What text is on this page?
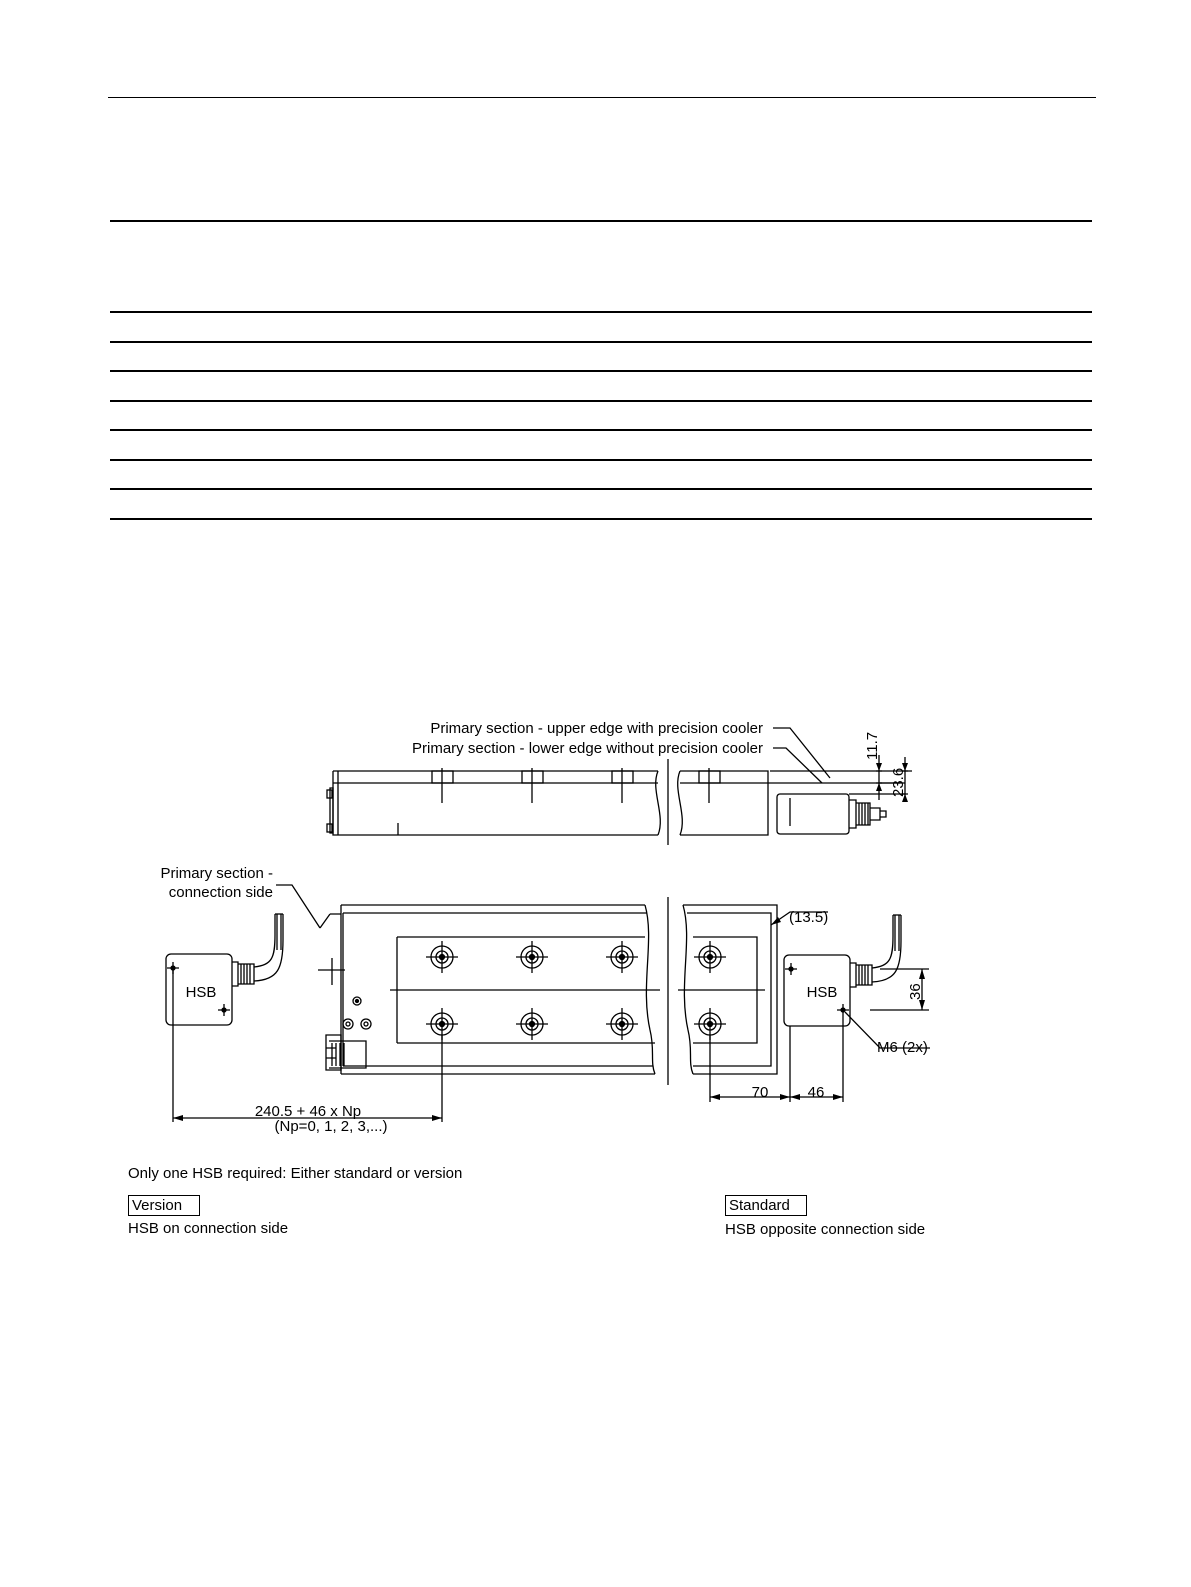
Primary section - upper edge with precision cooler
Primary section - lower edge without precision cooler
Primary section -
connection side
11.7
23.6
(13.5)
36
70	46
240.5 + 46 x Np
(Np=0, 1, 2, 3,...)
M6 (2x)
HSB	HSB
Only one HSB required: Either standard or version
Version
HSB on connection side
Standard
HSB opposite connection side
